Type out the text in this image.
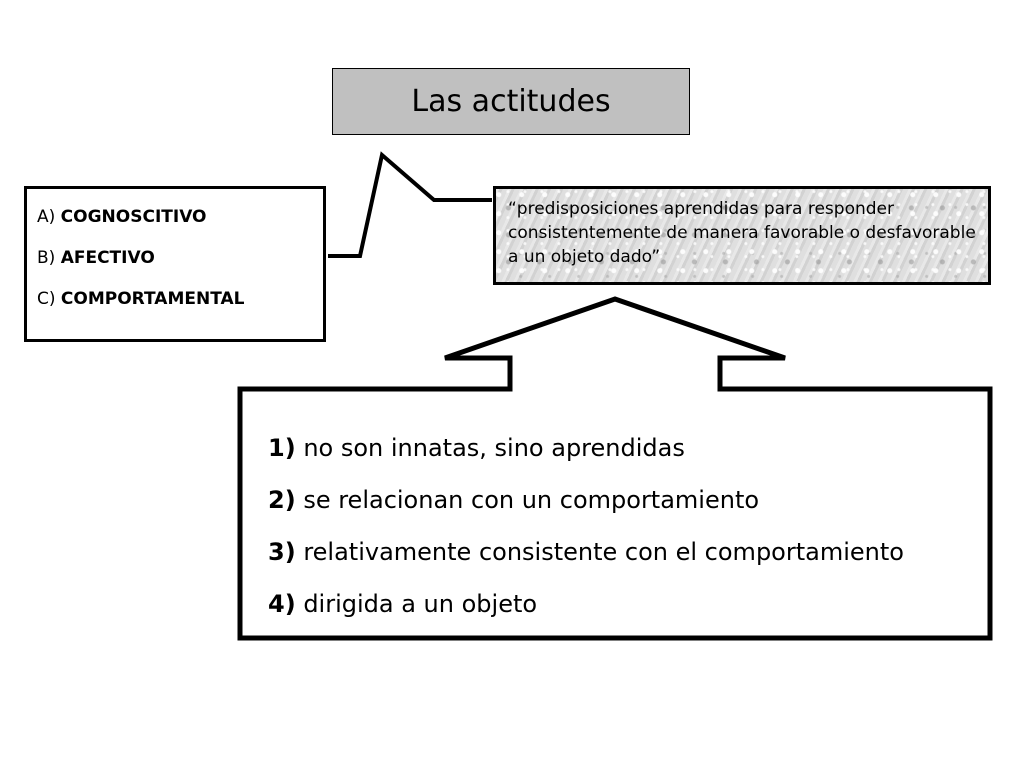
Las actitudes
A) COGNOSCITIVO
B) AFECTIVO
C) COMPORTAMENTAL
“predisposiciones aprendidas para responder consistentemente de manera favorable o desfavorable a un objeto dado”
1) no son innatas, sino aprendidas
2) se relacionan con un comportamiento
3) relativamente consistente con el comportamiento
4) dirigida a un objeto
